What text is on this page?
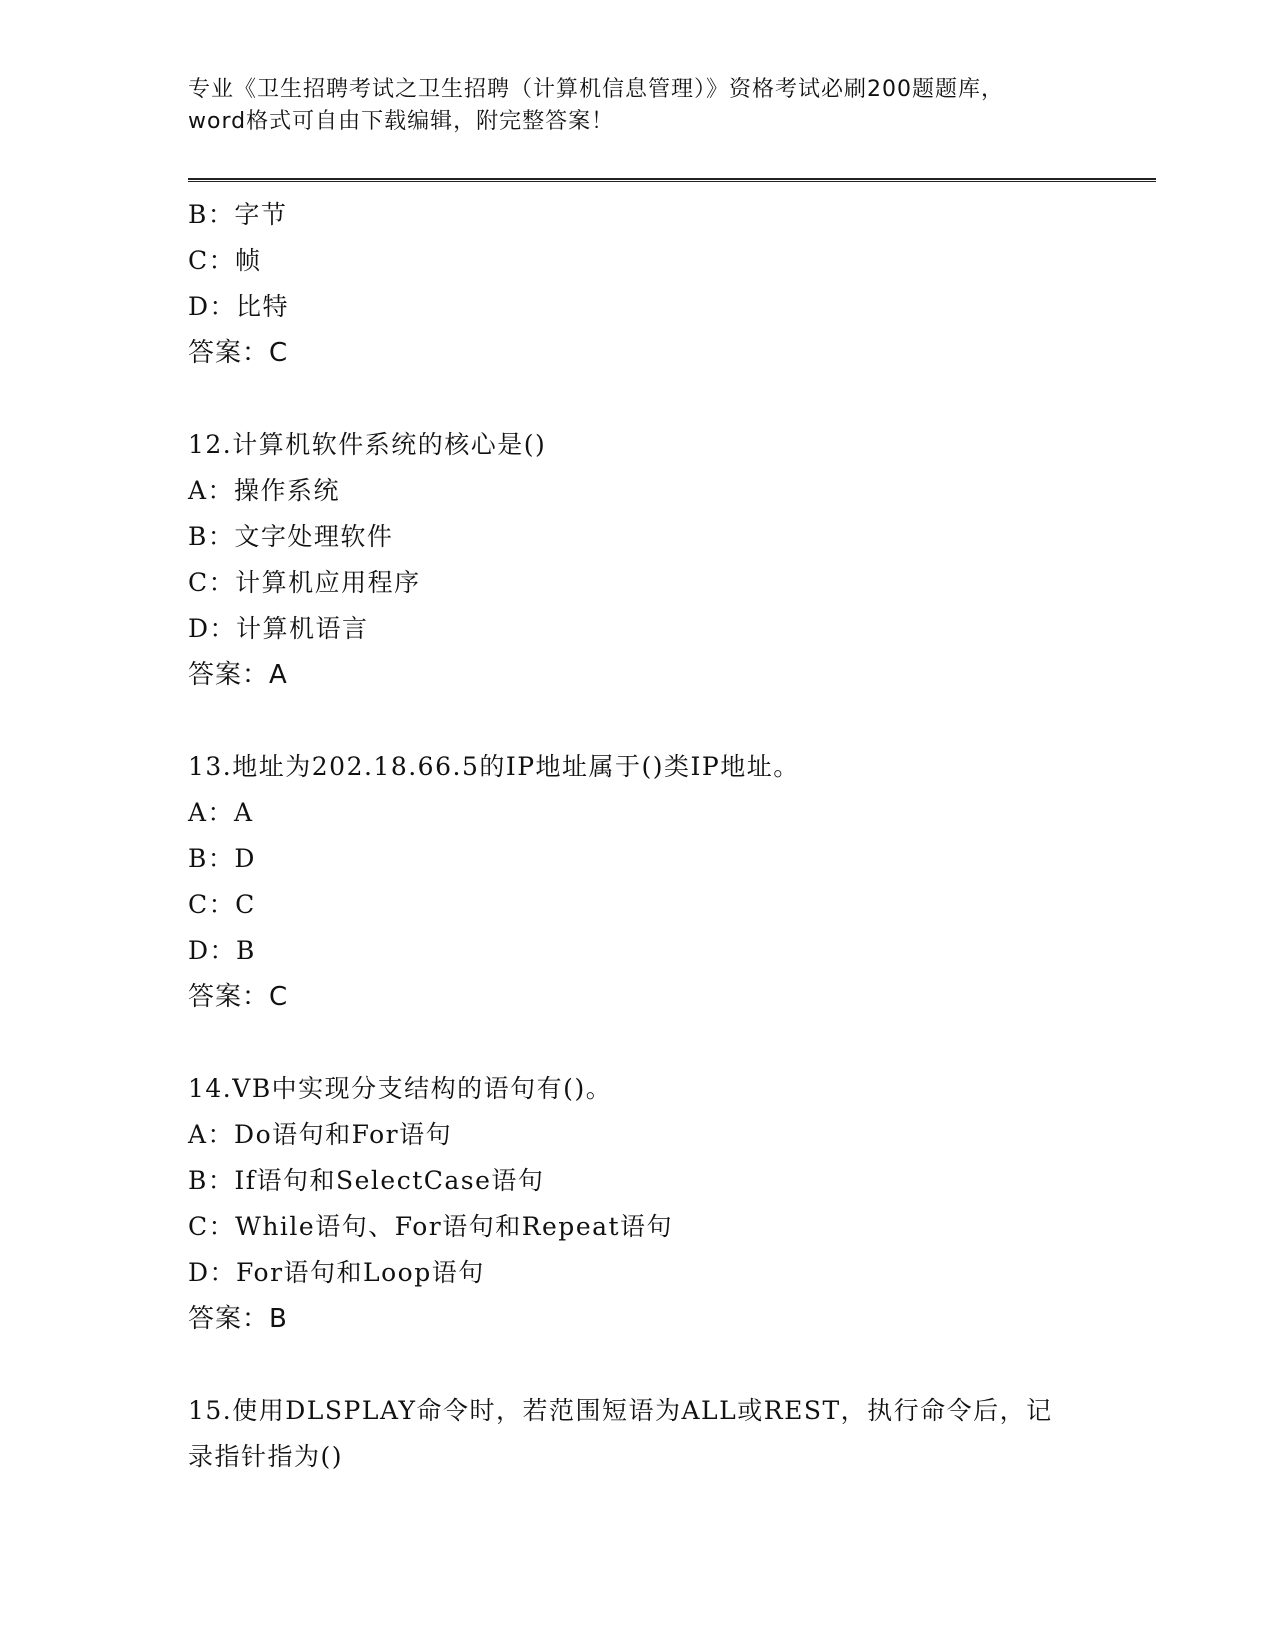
专业《卫生招聘考试之卫生招聘（计算机信息管理）》资格考试必刷200题题库，
word格式可自由下载编辑，附完整答案！
B：字节
C：帧
D：比特
答案：C
12.计算机软件系统的核心是()
A：操作系统
B：文字处理软件
C：计算机应用程序
D：计算机语言
答案：A
13.地址为202.18.66.5的IP地址属于()类IP地址。
A：A
B：D
C：C
D：B
答案：C
14.VB中实现分支结构的语句有()。
A：Do语句和For语句
B：If语句和SelectCase语句
C：While语句、For语句和Repeat语句
D：For语句和Loop语句
答案：B
15.使用DLSPLAY命令时，若范围短语为ALL或REST，执行命令后，记
录指针指为()
